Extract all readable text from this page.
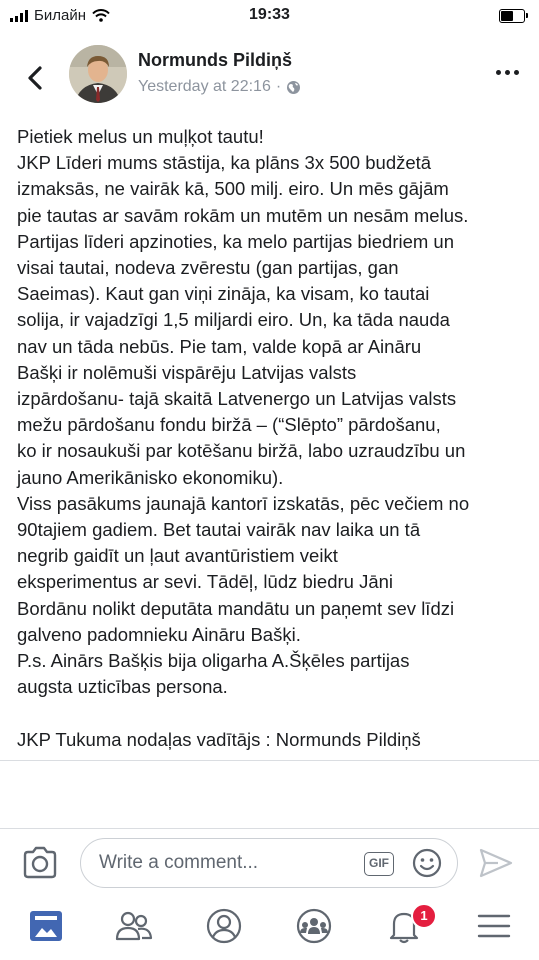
Билайн	19:33
Normunds Pildiņš
Yesterday at 22:16 ·
Pietiek melus un muļķot tautu!
JKP Līderi mums stāstija, ka plāns 3x 500 budžetā
izmaksās, ne vairāk kā, 500 milj. eiro. Un mēs gājām
pie tautas ar savām rokām un mutēm un nesām melus.
Partijas līderi apzinoties, ka melo partijas biedriem un
visai tautai, nodeva zvērestu (gan partijas, gan
Saeimas). Kaut gan viņi zināja, ka visam, ko tautai
solija, ir vajadzīgi 1,5 miljardi eiro. Un, ka tāda nauda
nav un tāda nebūs. Pie tam, valde kopā ar Aināru
Bašķi ir nolēmuši vispārēju Latvijas valsts
izpārdošanu- tajā skaitā Latvenergo un Latvijas valsts
mežu pārdošanu fondu biržā – (“Slēpto” pārdošanu,
ko ir nosaukuši par kotēšanu biržā, labo uzraudzību un
jauno Amerikānisko ekonomiku).
Viss pasākums jaunajā kantorī izskatās, pēc večiem no
90tajiem gadiem. Bet tautai vairāk nav laika un tā
negrib gaidīt un ļaut avantūristiem veikt
eksperimentus ar sevi. Tādēļ, lūdz biedru Jāni
Bordānu nolikt deputāta mandātu un paņemt sev līdzi
galveno padomnieku Aināru Bašķi.
P.s. Ainārs Bašķis bija oligarha A.Šķēles partijas
augsta uzticības persona.
JKP Tukuma nodaļas vadītājs : Normunds Pildiņš
Write a comment...	GIF
1
